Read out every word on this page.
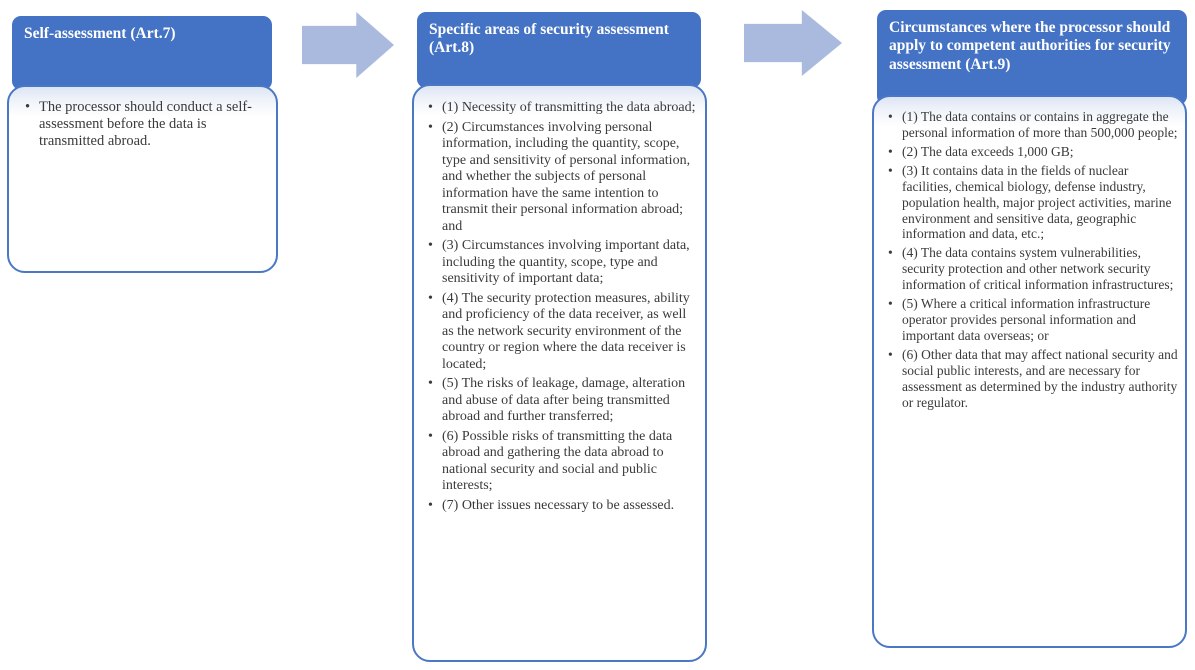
Self-assessment (Art.7)
• The processor should conduct a self-assessment before the data is transmitted abroad.
Specific areas of security assessment (Art.8)
• (1) Necessity of transmitting the data abroad;
• (2) Circumstances involving personal information, including the quantity, scope, type and sensitivity of personal information, and whether the subjects of personal information have the same intention to transmit their personal information abroad; and
• (3) Circumstances involving important data, including the quantity, scope, type and sensitivity of important data;
• (4) The security protection measures, ability and proficiency of the data receiver, as well as the network security environment of the country or region where the data receiver is located;
• (5) The risks of leakage, damage, alteration and abuse of data after being transmitted abroad and further transferred;
• (6) Possible risks of transmitting the data abroad and gathering the data abroad to national security and social and public interests;
• (7) Other issues necessary to be assessed.
Circumstances where the processor should apply to competent authorities for security assessment (Art.9)
• (1) The data contains or contains in aggregate the personal information of more than 500,000 people;
• (2) The data exceeds 1,000 GB;
• (3) It contains data in the fields of nuclear facilities, chemical biology, defense industry, population health, major project activities, marine environment and sensitive data, geographic information and data, etc.;
• (4) The data contains system vulnerabilities, security protection and other network security information of critical information infrastructures;
• (5) Where a critical information infrastructure operator provides personal information and important data overseas; or
• (6) Other data that may affect national security and social public interests, and are necessary for assessment as determined by the industry authority or regulator.
